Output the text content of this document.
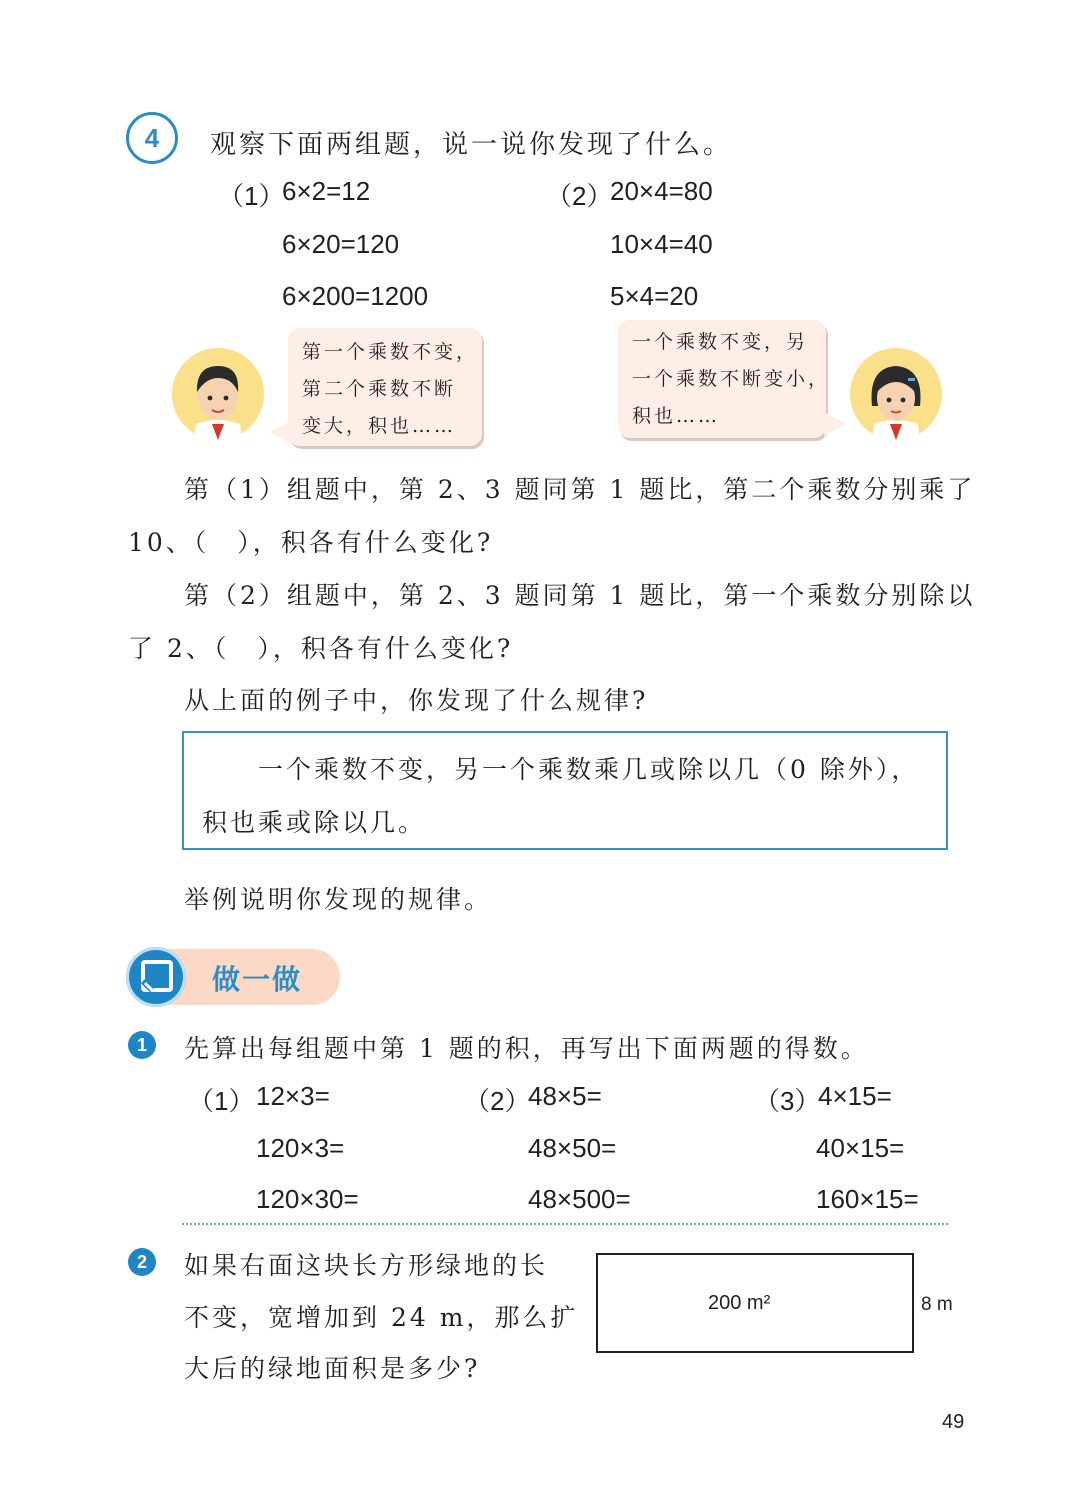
4	观察下面两组题，说一说你发现了什么。
（1）
6×2=12
6×20=120
6×200=1200
（2）
20×4=80
10×4=40
5×4=20
第一个乘数不变，
第二个乘数不断
变大，积也……
一个乘数不变，另
一个乘数不断变小，
积也……
第（1）组题中，第 2、3 题同第 1 题比，第二个乘数分别乘了
10、（　），积各有什么变化?
第（2）组题中，第 2、3 题同第 1 题比，第一个乘数分别除以
了 2、（　），积各有什么变化?
从上面的例子中，你发现了什么规律?
一个乘数不变，另一个乘数乘几或除以几（0 除外），
积也乘或除以几。
举例说明你发现的规律。
做一做
1	先算出每组题中第 1 题的积，再写出下面两题的得数。
（1） 12×3=
120×3=
120×30=
（2）
48×5=
48×50=
48×500=
（3）
4×15=
40×15=
160×15=
2	如果右面这块长方形绿地的长
不变，宽增加到 24 m，那么扩
大后的绿地面积是多少?
200 m²	8 m
49
